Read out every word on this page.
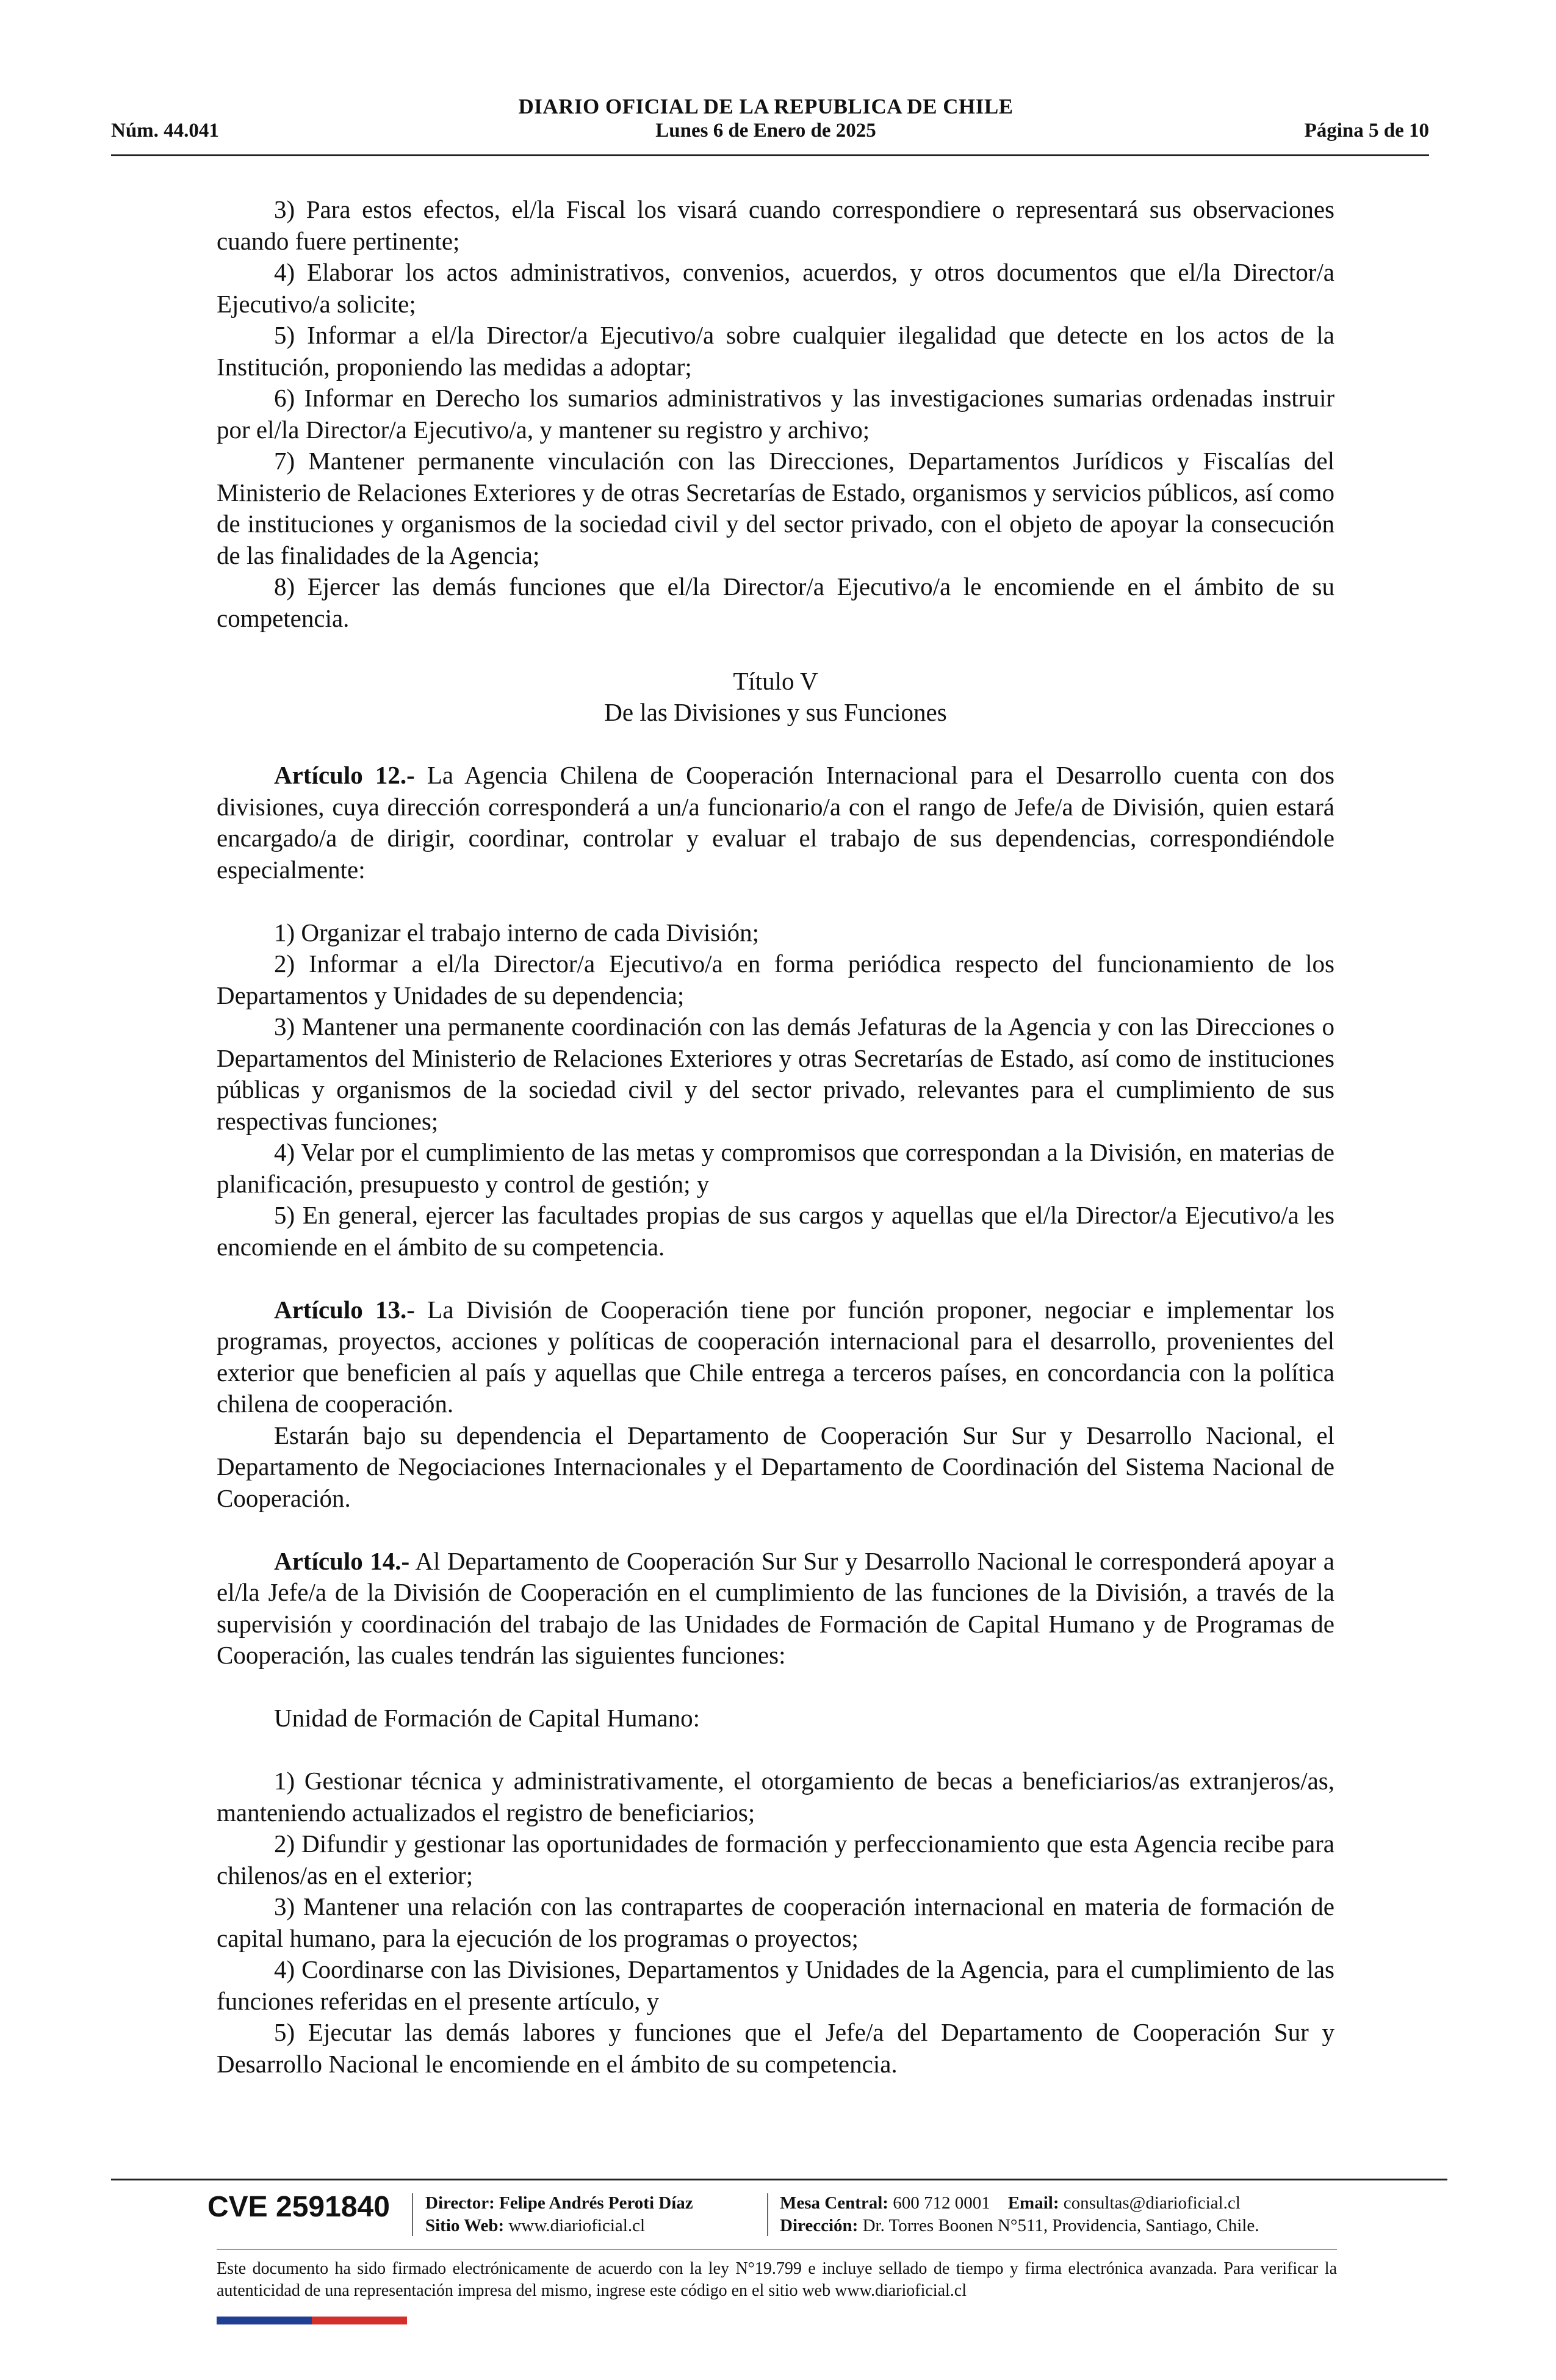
DIARIO OFICIAL DE LA REPUBLICA DE CHILE
Núm. 44.041	Lunes 6 de Enero de 2025	Página 5 de 10

3) Para estos efectos, el/la Fiscal los visará cuando correspondiere o representará sus observaciones cuando fuere pertinente;

4) Elaborar los actos administrativos, convenios, acuerdos, y otros documentos que el/la Director/a Ejecutivo/a solicite;

5) Informar a el/la Director/a Ejecutivo/a sobre cualquier ilegalidad que detecte en los actos de la Institución, proponiendo las medidas a adoptar;

6) Informar en Derecho los sumarios administrativos y las investigaciones sumarias ordenadas instruir por el/la Director/a Ejecutivo/a, y mantener su registro y archivo;

7) Mantener permanente vinculación con las Direcciones, Departamentos Jurídicos y Fiscalías del Ministerio de Relaciones Exteriores y de otras Secretarías de Estado, organismos y servicios públicos, así como de instituciones y organismos de la sociedad civil y del sector privado, con el objeto de apoyar la consecución de las finalidades de la Agencia;

8) Ejercer las demás funciones que el/la Director/a Ejecutivo/a le encomiende en el ámbito de su competencia.

Título V

De las Divisiones y sus Funciones

Artículo 12.- La Agencia Chilena de Cooperación Internacional para el Desarrollo cuenta con dos divisiones, cuya dirección corresponderá a un/a funcionario/a con el rango de Jefe/a de División, quien estará encargado/a de dirigir, coordinar, controlar y evaluar el trabajo de sus dependencias, correspondiéndole especialmente:

1) Organizar el trabajo interno de cada División;

2) Informar a el/la Director/a Ejecutivo/a en forma periódica respecto del funcionamiento de los Departamentos y Unidades de su dependencia;

3) Mantener una permanente coordinación con las demás Jefaturas de la Agencia y con las Direcciones o Departamentos del Ministerio de Relaciones Exteriores y otras Secretarías de Estado, así como de instituciones públicas y organismos de la sociedad civil y del sector privado, relevantes para el cumplimiento de sus respectivas funciones;

4) Velar por el cumplimiento de las metas y compromisos que correspondan a la División, en materias de planificación, presupuesto y control de gestión; y

5) En general, ejercer las facultades propias de sus cargos y aquellas que el/la Director/a Ejecutivo/a les encomiende en el ámbito de su competencia.

Artículo 13.- La División de Cooperación tiene por función proponer, negociar e implementar los programas, proyectos, acciones y políticas de cooperación internacional para el desarrollo, provenientes del exterior que beneficien al país y aquellas que Chile entrega a terceros países, en concordancia con la política chilena de cooperación.

Estarán bajo su dependencia el Departamento de Cooperación Sur Sur y Desarrollo Nacional, el Departamento de Negociaciones Internacionales y el Departamento de Coordinación del Sistema Nacional de Cooperación.

Artículo 14.- Al Departamento de Cooperación Sur Sur y Desarrollo Nacional le corresponderá apoyar a el/la Jefe/a de la División de Cooperación en el cumplimiento de las funciones de la División, a través de la supervisión y coordinación del trabajo de las Unidades de Formación de Capital Humano y de Programas de Cooperación, las cuales tendrán las siguientes funciones:

Unidad de Formación de Capital Humano:

1) Gestionar técnica y administrativamente, el otorgamiento de becas a beneficiarios/as extranjeros/as, manteniendo actualizados el registro de beneficiarios;

2) Difundir y gestionar las oportunidades de formación y perfeccionamiento que esta Agencia recibe para chilenos/as en el exterior;

3) Mantener una relación con las contrapartes de cooperación internacional en materia de formación de capital humano, para la ejecución de los programas o proyectos;

4) Coordinarse con las Divisiones, Departamentos y Unidades de la Agencia, para el cumplimiento de las funciones referidas en el presente artículo, y

5) Ejecutar las demás labores y funciones que el Jefe/a del Departamento de Cooperación Sur y Desarrollo Nacional le encomiende en el ámbito de su competencia.

CVE 2591840 Director: Felipe Andrés Peroti Díaz
Sitio Web: www.diarioficial.cl
Mesa Central: 600 712 0001 Email: consultas@diarioficial.cl
Dirección: Dr. Torres Boonen N°511, Providencia, Santiago, Chile.
Este documento ha sido firmado electrónicamente de acuerdo con la ley N°19.799 e incluye sellado de tiempo y firma electrónica avanzada. Para verificar la autenticidad de una representación impresa del mismo, ingrese este código en el sitio web www.diarioficial.cl
